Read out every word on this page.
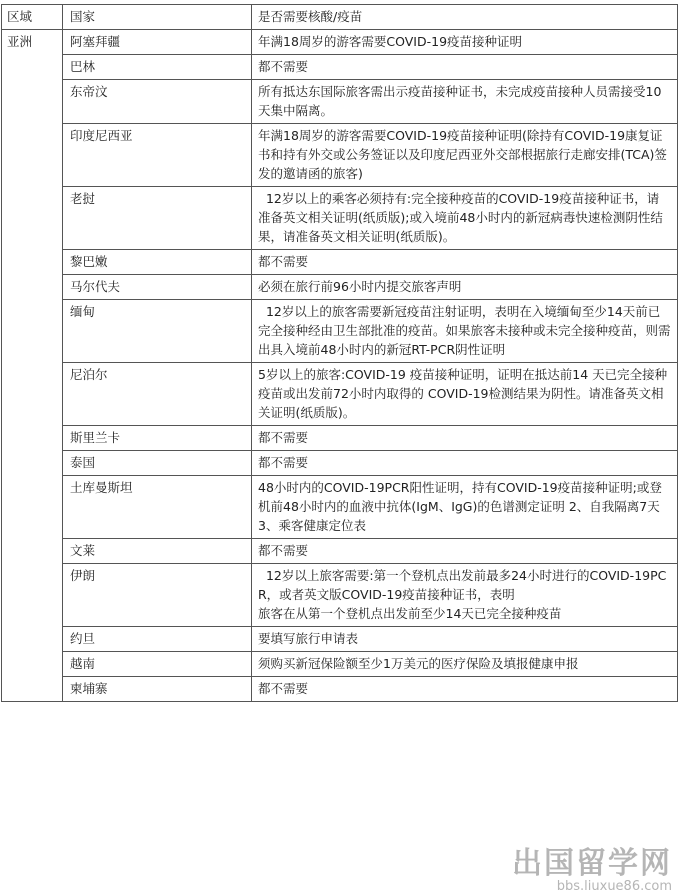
区域	国家	是否需要核酸/疫苗
亚洲	阿塞拜疆	年满18周岁的游客需要COVID-19疫苗接种证明
	巴林	都不需要
	东帝汶	所有抵达东国际旅客需出示疫苗接种证书，未完成疫苗接种人员需接受10天集中隔离。
	印度尼西亚	年满18周岁的游客需要COVID-19疫苗接种证明(除持有COVID-19康复证书和持有外交或公务签证以及印度尼西亚外交部根据旅行走廊安排(TCA)签发的邀请函的旅客)
	老挝	12岁以上的乘客必须持有:完全接种疫苗的COVID-19疫苗接种证书，请准备英文相关证明(纸质版);或入境前48小时内的新冠病毒快速检测阴性结果，请准备英文相关证明(纸质版)。
	黎巴嫩	都不需要
	马尔代夫	必须在旅行前96小时内提交旅客声明
	缅甸	12岁以上的旅客需要新冠疫苗注射证明，表明在入境缅甸至少14天前已完全接种经由卫生部批准的疫苗。如果旅客未接种或未完全接种疫苗，则需出具入境前48小时内的新冠RT-PCR阴性证明
	尼泊尔	5岁以上的旅客:COVID-19 疫苗接种证明，证明在抵达前14 天已完全接种疫苗或出发前72小时内取得的 COVID-19检测结果为阴性。请准备英文相关证明(纸质版)。
	斯里兰卡	都不需要
	泰国	都不需要
	土库曼斯坦	48小时内的COVID-19PCR阳性证明，持有COVID-19疫苗接种证明;或登机前48小时内的血液中抗体(IgM、IgG)的色谱测定证明 2、自我隔离7天 3、乘客健康定位表
	文莱	都不需要
	伊朗	12岁以上旅客需要:第一个登机点出发前最多24小时进行的COVID-19PCR，或者英文版COVID-19疫苗接种证书，表明
旅客在从第一个登机点出发前至少14天已完全接种疫苗
	约旦	要填写旅行申请表
	越南	须购买新冠保险额至少1万美元的医疗保险及填报健康申报
	柬埔寨	都不需要
出国留学网
bbs.liuxue86.com
